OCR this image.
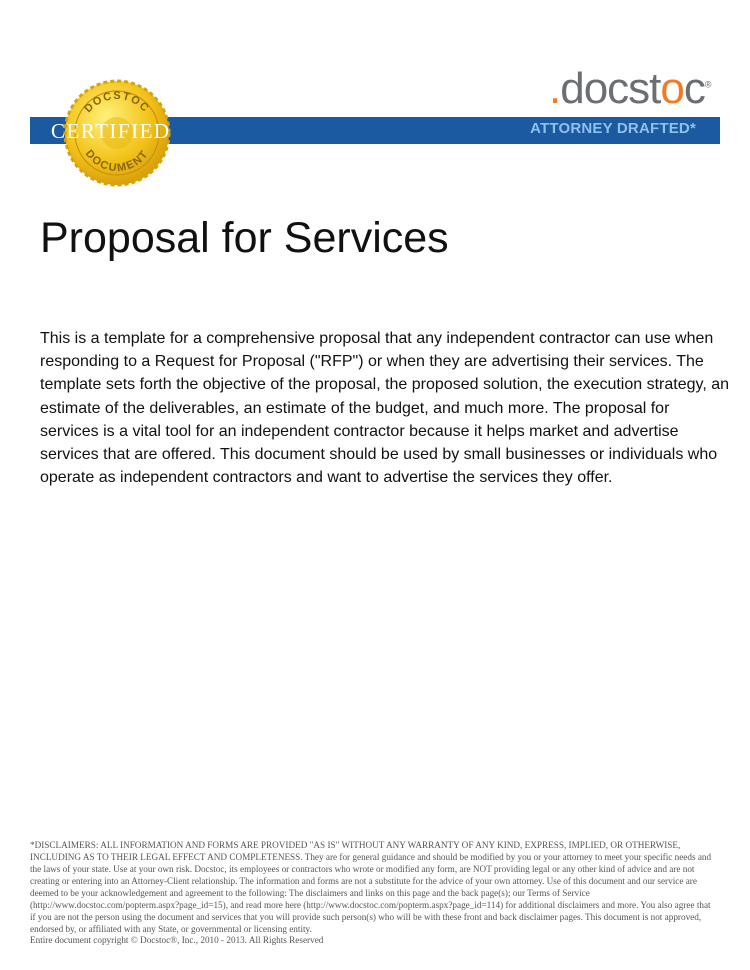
ATTORNEY DRAFTED*
DOCSTOC
DOCUMENT
CERTIFIED
.docstoc®
Proposal for Services

This is a template for a comprehensive proposal that any independent contractor can use when responding to a Request for Proposal ("RFP") or when they are advertising their services. The template sets forth the objective of the proposal, the proposed solution, the execution strategy, an estimate of the deliverables, an estimate of the budget, and much more. The proposal for services is a vital tool for an independent contractor because it helps market and advertise services that are offered. This document should be used by small businesses or individuals who operate as independent contractors and want to advertise the services they offer.

*DISCLAIMERS: ALL INFORMATION AND FORMS ARE PROVIDED "AS IS" WITHOUT ANY WARRANTY OF ANY KIND, EXPRESS, IMPLIED, OR OTHERWISE, INCLUDING AS TO THEIR LEGAL EFFECT AND COMPLETENESS. They are for general guidance and should be modified by you or your attorney to meet your specific needs and the laws of your state. Use at your own risk. Docstoc, its employees or contractors who wrote or modified any form, are NOT providing legal or any other kind of advice and are not creating or entering into an Attorney-Client relationship. The information and forms are not a substitute for the advice of your own attorney. Use of this document and our service are deemed to be your acknowledgement and agreement to the following: The disclaimers and links on this page and the back page(s); our Terms of Service (http://www.docstoc.com/popterm.aspx?page_id=15), and read more here (http://www.docstoc.com/popterm.aspx?page_id=114) for additional disclaimers and more. You also agree that if you are not the person using the document and services that you will provide such person(s) who will be with these front and back disclaimer pages. This document is not approved, endorsed by, or affiliated with any State, or governmental or licensing entity.

Entire document copyright © Docstoc®, Inc., 2010 - 2013. All Rights Reserved
